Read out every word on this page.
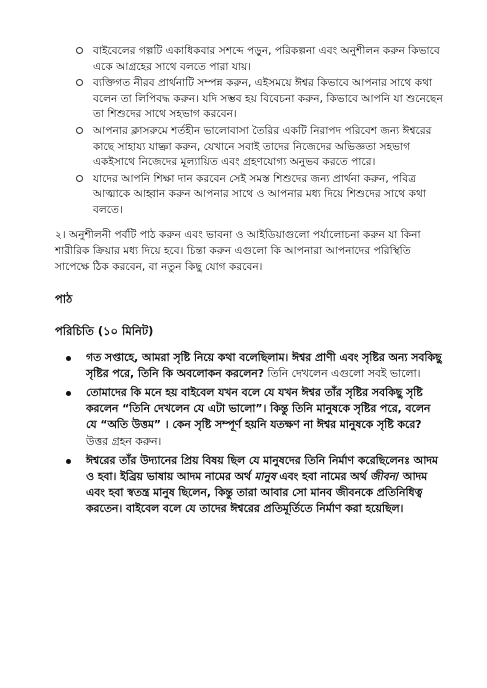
বাইবেলের গল্পটি একাধিকবার সশব্দে পড়ুন, পরিকল্পনা এবং অনুশীলন করুন কিভাবে একে আগ্রহের সাথে বলতে পারা যায়।
ব্যক্তিগত নীরব প্রার্থনাটি সম্পন্ন করুন, এইসময়ে ঈশ্বর কিভাবে আপনার সাথে কথা বলেন তা লিপিবদ্ধ করুন। যদি সম্ভব হয় বিবেচনা করুন, কিভাবে আপনি যা শুনেছেন তা শিশুদের সাথে সহভাগ করবেন।
আপনার ক্লাসরুমে শর্তহীন ভালোবাসা তৈরির একটি নিরাপদ পরিবেশ জন্য ঈশ্বরের কাছে সাহায্য যাচ্ঞা করুন, যেখানে সবাই তাদের নিজেদের অভিজ্ঞতা সহভাগ একইসাথে নিজেদের মূল্যায়িত এবং গ্রহণযোগ্য অনুভব করতে পারে।
যাদের আপনি শিক্ষা দান করবেন সেই সমস্ত শিশুদের জন্য প্রার্থনা করুন, পবিত্র আত্মাকে আহ্বান করুন আপনার সাথে ও আপনার মধ্য দিয়ে শিশুদের সাথে কথা বলতে।

২। অনুশীলনী পর্বটি পাঠ করুন এবং ভাবনা ও আইডিয়াগুলো পর্যালোচনা করুন যা কিনা শারীরিক ক্রিয়ার মধ্য দিয়ে হবে। চিন্তা করুন এগুলো কি আপনারা আপনাদের পরিস্থিতি সাপেক্ষে ঠিক করবেন, বা নতুন কিছু যোগ করবেন।

পাঠ

পরিচিতি (১০ মিনিট)

গত সপ্তাহে, আমরা সৃষ্টি নিয়ে কথা বলেছিলাম। ঈশ্বর প্রাণী এবং সৃষ্টির অন্য সবকিছু সৃষ্টির পরে, তিনি কি অবলোকন করলেন? তিনি দেখলেন এগুলো সবই ভালো।
তোমাদের কি মনে হয় বাইবেল যখন বলে যে যখন ঈশ্বর তাঁর সৃষ্টির সবকিছু সৃষ্টি করলেন “তিনি দেখলেন যে এটা ভালো”। কিন্তু তিনি মানুষকে সৃষ্টির পরে, বলেন যে “অতি উত্তম” । কেন সৃষ্টি সম্পূর্ণ হয়নি যতক্ষণ না ঈশ্বর মানুষকে সৃষ্টি করে? উত্তর গ্রহন করুন।
ঈশ্বরের তাঁর উদ্যানের প্রিয় বিষয় ছিল যে মানুষদের তিনি নির্মাণ করেছিলেনঃ আদম ও হবা। ইব্রিয় ভাষায় আদম নামের অর্থ মানুষ এবং হবা নামের অর্থ জীবন/ আদম এবং হবা স্বতন্ত্র মানুষ ছিলেন, কিন্তু তারা আবার সো মানব জীবনকে প্রতিনিধিত্ব করতেন। বাইবেল বলে যে তাদের ঈশ্বরের প্রতিমূর্তিতে নির্মাণ করা হয়েছিল।
